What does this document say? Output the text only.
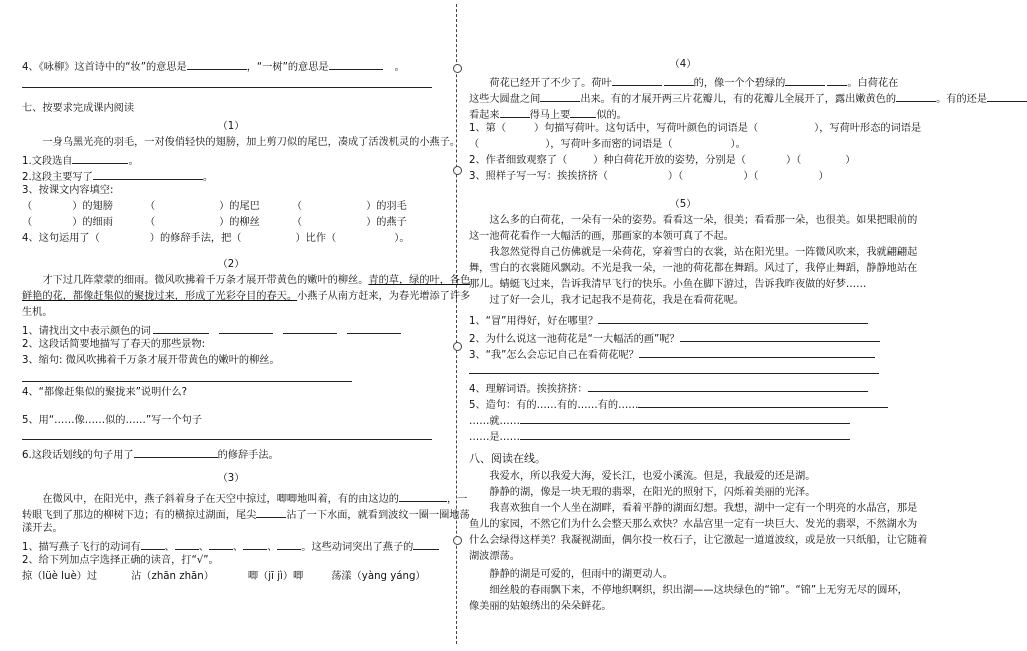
4、《咏柳》这首诗中的“妆”的意思是	，“一树”的意思是	。
七、按要求完成课内阅读
（1）
一身乌黑光亮的羽毛，一对俊俏轻快的翅膀，加上剪刀似的尾巴，凑成了活泼机灵的小燕子。
1.文段选自	。
2.这段主要写了	。
3、按课文内容填空:
（	）的翅膀	（	）的尾巴	（	）的羽毛
（	）的细雨	（	）的柳丝	（	）的燕子
4、这句运用了（	）的修辞手法，把（	）比作（	）。
（2）
才下过几阵蒙蒙的细雨。微风吹拂着千万条才展开带黄色的嫩叶的柳丝。青的草，绿的叶，各色
鲜艳的花，都像赶集似的聚拢过来，形成了光彩夺目的春天。小燕子从南方赶来，为春光增添了许多
生机。
1、请找出文中表示颜色的词
2、这段话简要地描写了春天的那些景物:
3、缩句: 微风吹拂着千万条才展开带黄色的嫩叶的柳丝。
4、“都像赶集似的聚拢来”说明什么?
5、用“……像……似的……”写一个句子
6.这段话划线的句子用了	的修辞手法。
（3）
在微风中，在阳光中，燕子斜着身子在天空中掠过，唧唧地叫着，有的由这边的	，一
转眼飞到了那边的柳树下边；有的横掠过湖面，尾尖	沾了一下水面，就看到波纹一圈一圈地荡
漾开去。
1、描写燕子飞行的动词有 、 、 、 、 。这些动词突出了燕子的
2、给下列加点字选择正确的读音，打“√”。
掠（lüè luè）过	沾（zhān zhān）	唧（jī jì）唧	荡漾（yàng yáng）
（4）
荷花已经开了不少了。荷叶	的，像一个个碧绿的	。白荷花在
这些大圆盘之间	出来。有的才展开两三片花瓣儿，有的花瓣儿全展开了，露出嫩黄色的	。有的还是
看起来	得马上要	似的。
1、第（	）句描写荷叶。这句话中，写荷叶颜色的词语是（	），写荷叶形态的词语是
（	），写荷叶多而密的词语是（	）。
2、作者细致观察了（	）种白荷花开放的姿势，分别是（	）（	）
3、照样子写一写：挨挨挤挤（	）（	）（	）
（5）
这么多的白荷花，一朵有一朵的姿势。看看这一朵，很美；看看那一朵，也很美。如果把眼前的
这一池荷花看作一大幅活的画，那画家的本领可真了不起。
我忽然觉得自己仿佛就是一朵荷花，穿着雪白的衣裳，站在阳光里。一阵微风吹来，我就翩翩起
舞，雪白的衣裳随风飘动。不光是我一朵，一池的荷花都在舞蹈。风过了，我停止舞蹈，静静地站在
那儿。蜻蜓飞过来，告诉我清早飞行的快乐。小鱼在脚下游过，告诉我昨夜做的好梦……
过了好一会儿，我才记起我不是荷花，我是在看荷花呢。
1、“冒”用得好，好在哪里？
2、为什么说这一池荷花是“一大幅活的画”呢？
3、“我”怎么会忘记自己在看荷花呢？
4、理解词语。挨挨挤挤：
5、造句：有的……有的……有的……
……就……
……是……
八、阅读在线。
我爱水，所以我爱大海，爱长江，也爱小溪流。但是，我最爱的还是湖。
静静的湖，像是一块无瑕的翡翠，在阳光的照射下，闪烁着美丽的光泽。
我喜欢独自一个人坐在湖畔，看着平静的湖面幻想。我想，湖中一定有一个明亮的水晶宫，那是
鱼儿的家园，不然它们为什么会整天那么欢快？水晶宫里一定有一块巨大、发光的翡翠，不然湖水为
什么会绿得这样美？我凝视湖面，偶尔投一枚石子，让它激起一道道波纹，或是放一只纸船，让它随着
湖波漂荡。
静静的湖是可爱的，但雨中的湖更动人。
细丝般的春雨飘下来，不停地织啊织，织出湖——这块绿色的“锦”。“锦”上无穷无尽的圆环，
像美丽的姑娘绣出的朵朵鲜花。
